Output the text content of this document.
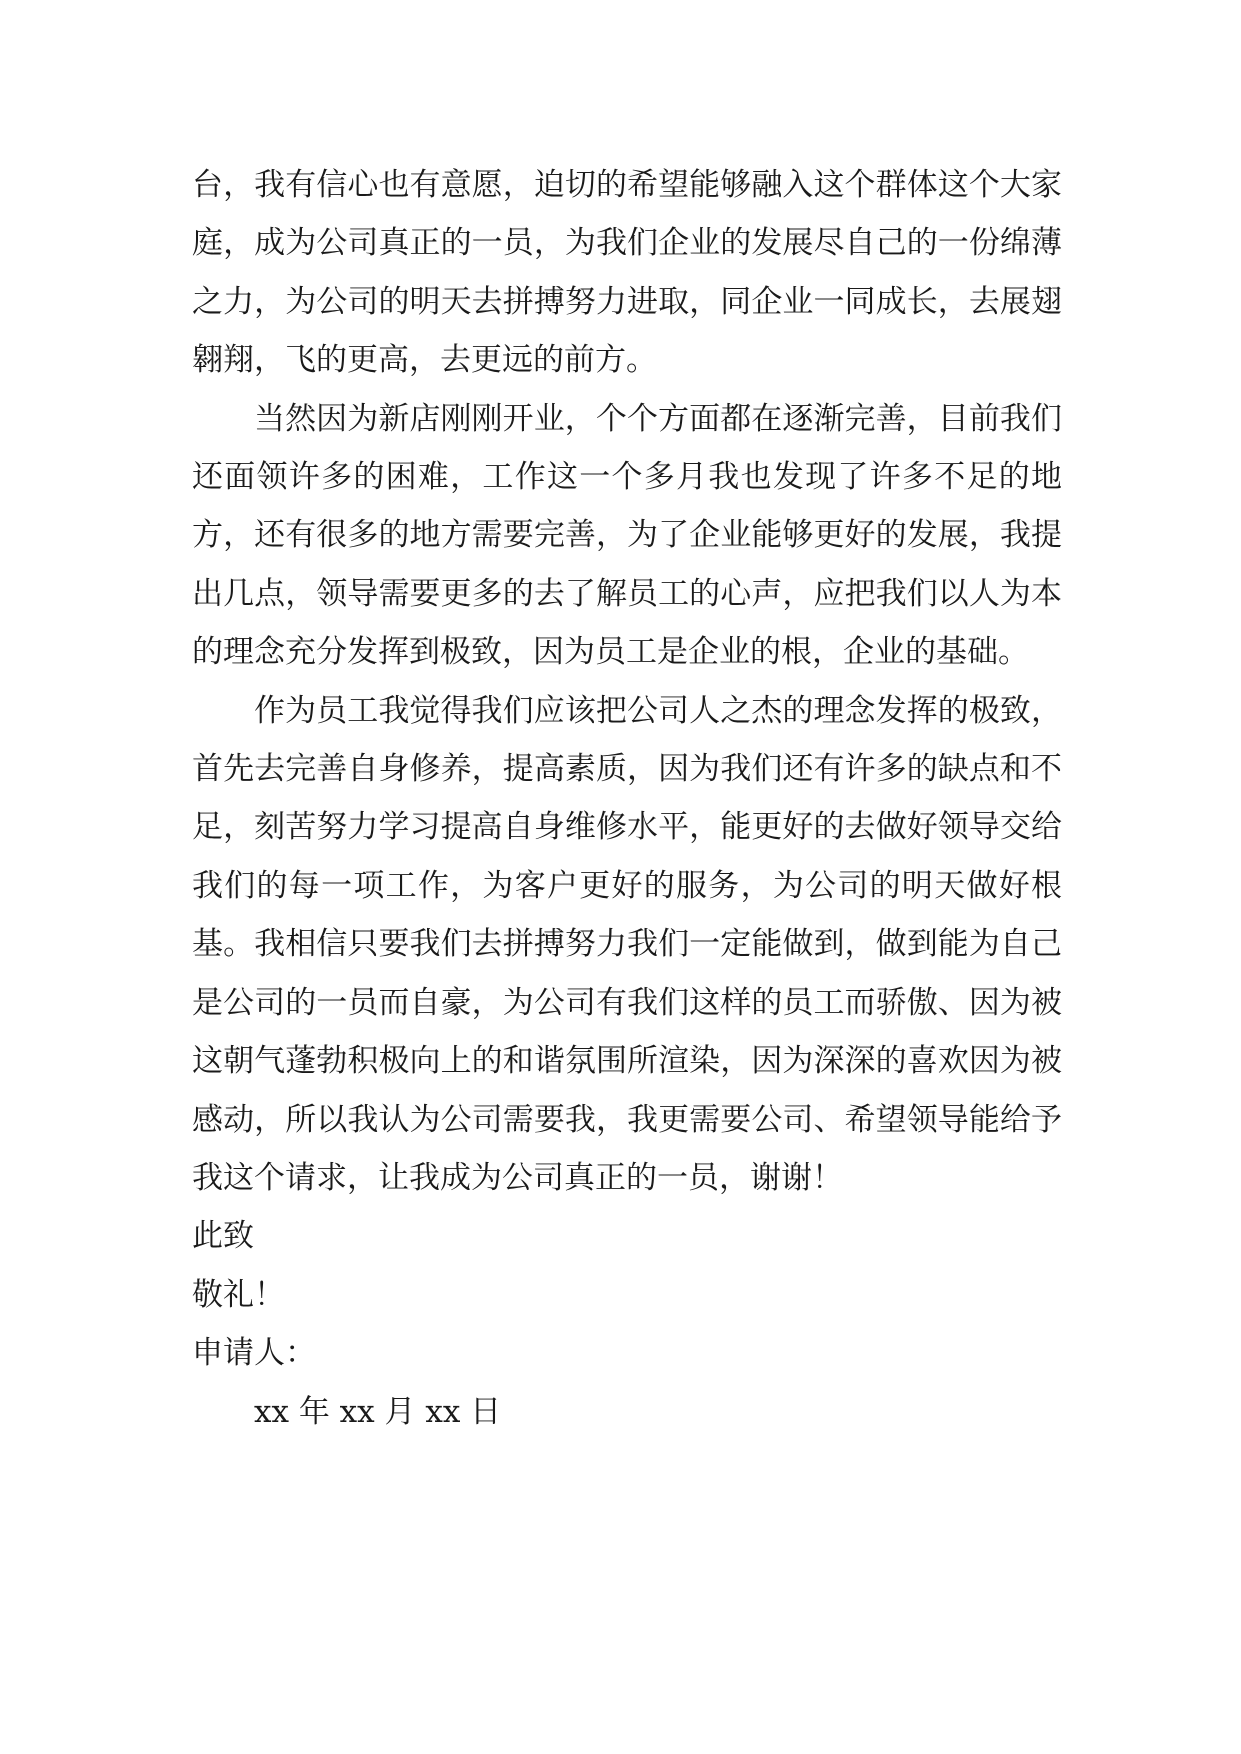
台，我有信心也有意愿，迫切的希望能够融入这个群体这个大家庭，成为公司真正的一员，为我们企业的发展尽自己的一份绵薄之力，为公司的明天去拼搏努力进取，同企业一同成长，去展翅翱翔，飞的更高，去更远的前方。

当然因为新店刚刚开业，个个方面都在逐渐完善，目前我们还面领许多的困难，工作这一个多月我也发现了许多不足的地方，还有很多的地方需要完善，为了企业能够更好的发展，我提出几点，领导需要更多的去了解员工的心声，应把我们以人为本的理念充分发挥到极致，因为员工是企业的根，企业的基础。

作为员工我觉得我们应该把公司人之杰的理念发挥的极致，首先去完善自身修养，提高素质，因为我们还有许多的缺点和不足，刻苦努力学习提高自身维修水平，能更好的去做好领导交给我们的每一项工作，为客户更好的服务，为公司的明天做好根基。我相信只要我们去拼搏努力我们一定能做到，做到能为自己是公司的一员而自豪，为公司有我们这样的员工而骄傲、因为被这朝气蓬勃积极向上的和谐氛围所渲染，因为深深的喜欢因为被感动，所以我认为公司需要我，我更需要公司、希望领导能给予我这个请求，让我成为公司真正的一员，谢谢！

此致

敬礼！

申请人：

xx 年 xx 月 xx 日
